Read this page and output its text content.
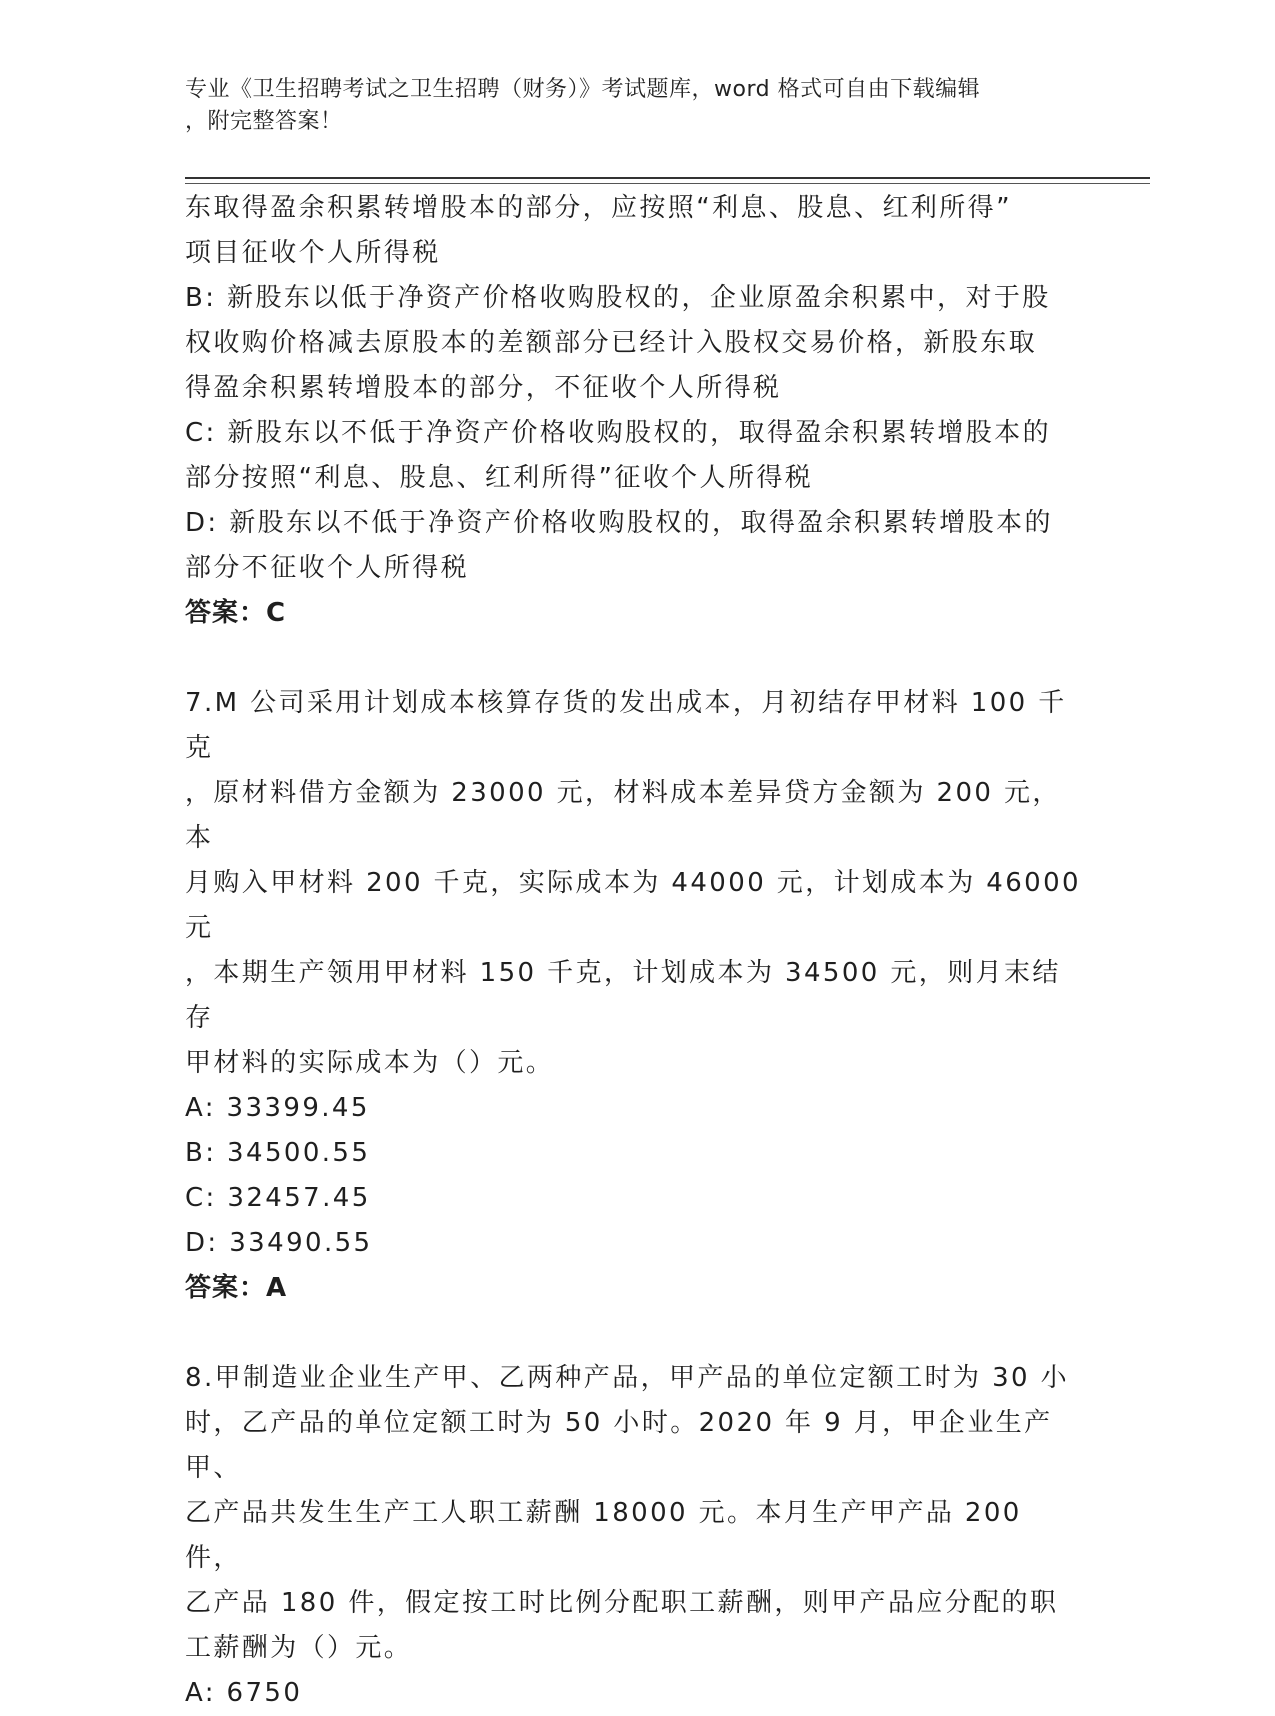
专业《卫生招聘考试之卫生招聘（财务）》考试题库，word 格式可自由下载编辑
，附完整答案！

东取得盈余积累转增股本的部分，应按照“利息、股息、红利所得”

项目征收个人所得税

B: 新股东以低于净资产价格收购股权的，企业原盈余积累中，对于股

权收购价格减去原股本的差额部分已经计入股权交易价格，新股东取

得盈余积累转增股本的部分，不征收个人所得税

C: 新股东以不低于净资产价格收购股权的，取得盈余积累转增股本的

部分按照“利息、股息、红利所得”征收个人所得税

D: 新股东以不低于净资产价格收购股权的，取得盈余积累转增股本的

部分不征收个人所得税

答案：C

7.M 公司采用计划成本核算存货的发出成本，月初结存甲材料 100 千克

，原材料借方金额为 23000 元，材料成本差异贷方金额为 200 元，本

月购入甲材料 200 千克，实际成本为 44000 元，计划成本为 46000 元

，本期生产领用甲材料 150 千克，计划成本为 34500 元，则月末结存

甲材料的实际成本为（）元。

A: 33399.45

B: 34500.55

C: 32457.45

D: 33490.55

答案：A

8.甲制造业企业生产甲、乙两种产品，甲产品的单位定额工时为 30 小

时，乙产品的单位定额工时为 50 小时。2020 年 9 月，甲企业生产甲、

乙产品共发生生产工人职工薪酬 18000 元。本月生产甲产品 200 件，

乙产品 180 件，假定按工时比例分配职工薪酬，则甲产品应分配的职

工薪酬为（）元。

A: 6750
